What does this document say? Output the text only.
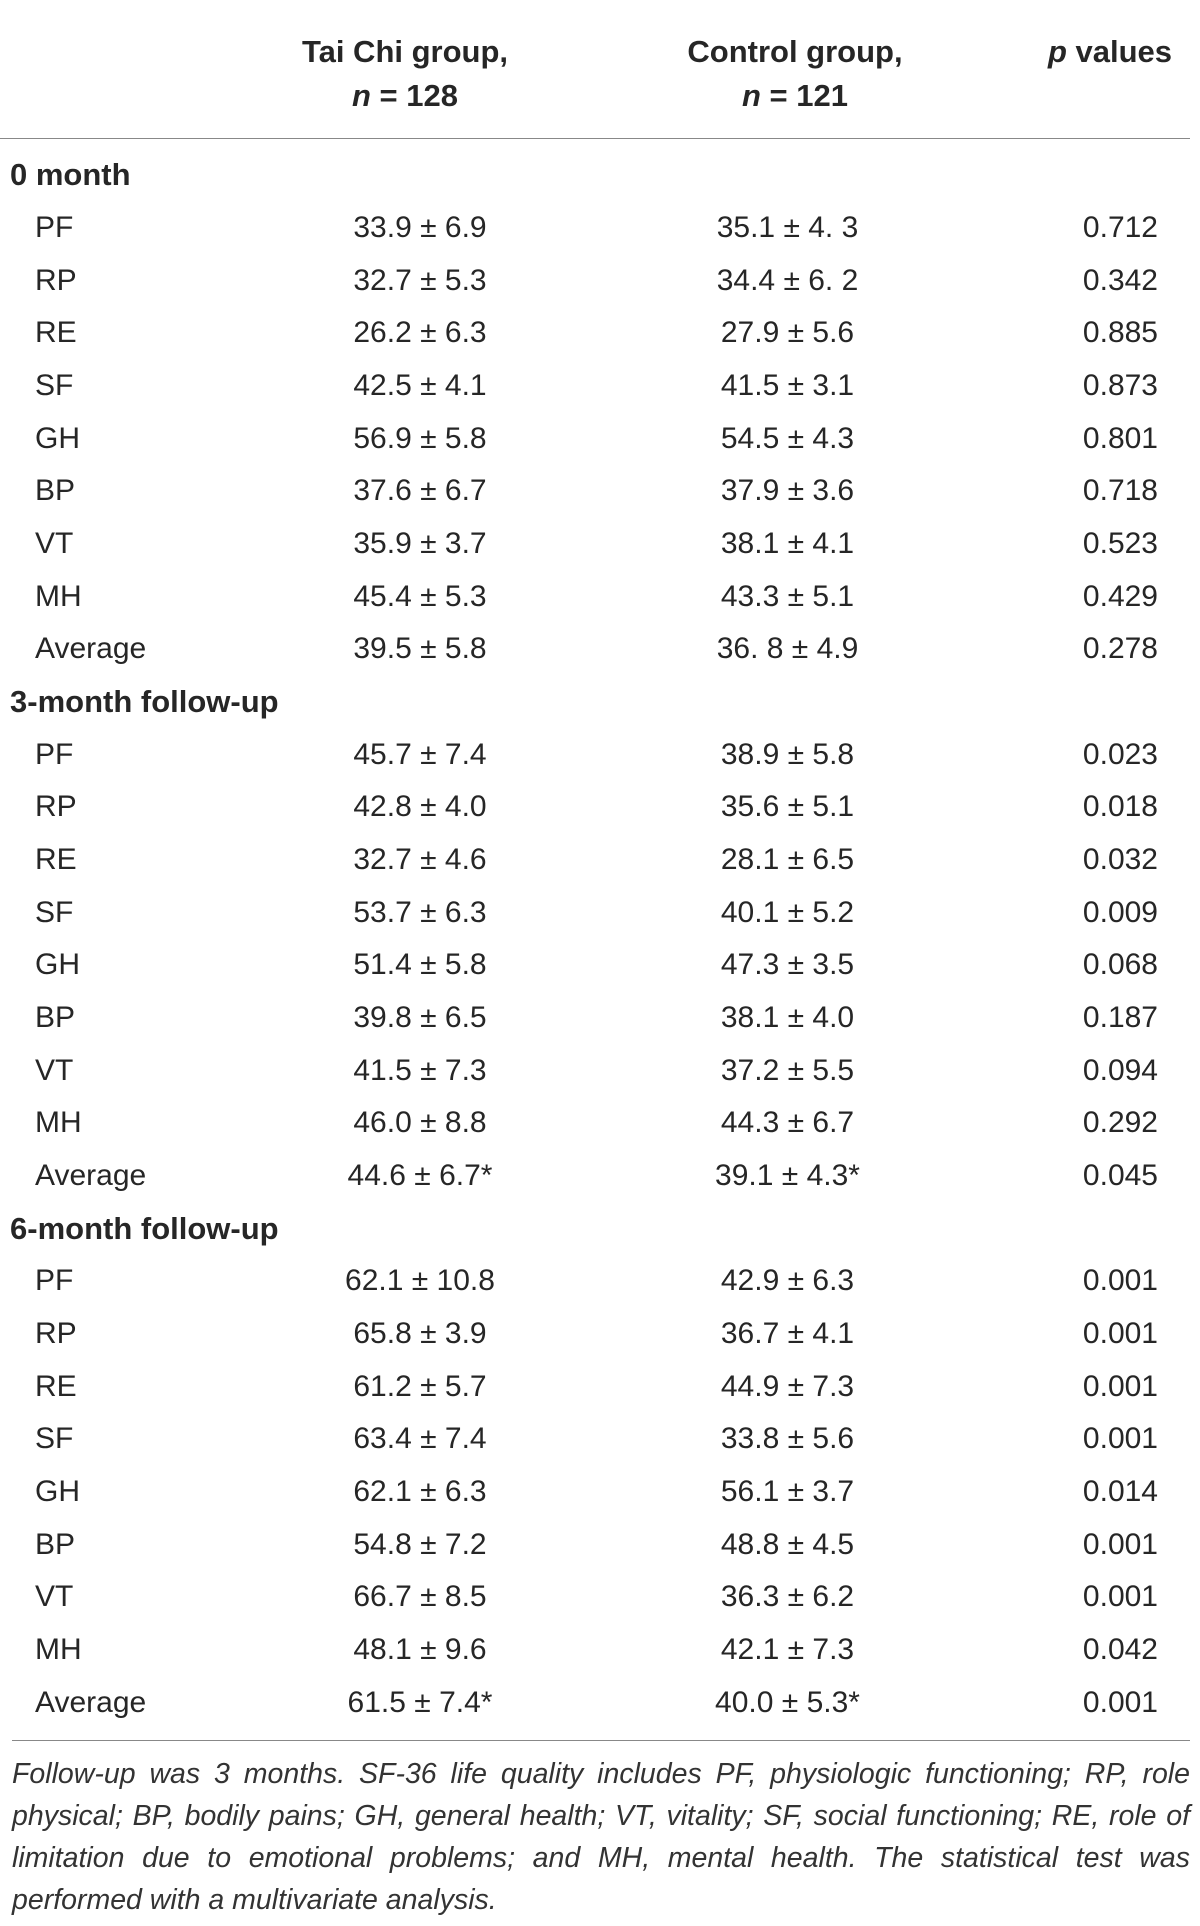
	Tai Chi group,	Control group,	p values
	n = 128	n = 121	
0 month			
PF	33.9 ± 6.9	35.1 ± 4. 3	0.712
RP	32.7 ± 5.3	34.4 ± 6. 2	0.342
RE	26.2 ± 6.3	27.9 ± 5.6	0.885
SF	42.5 ± 4.1	41.5 ± 3.1	0.873
GH	56.9 ± 5.8	54.5 ± 4.3	0.801
BP	37.6 ± 6.7	37.9 ± 3.6	0.718
VT	35.9 ± 3.7	38.1 ± 4.1	0.523
MH	45.4 ± 5.3	43.3 ± 5.1	0.429
Average	39.5 ± 5.8	36. 8 ± 4.9	0.278
3-month follow-up			
PF	45.7 ± 7.4	38.9 ± 5.8	0.023
RP	42.8 ± 4.0	35.6 ± 5.1	0.018
RE	32.7 ± 4.6	28.1 ± 6.5	0.032
SF	53.7 ± 6.3	40.1 ± 5.2	0.009
GH	51.4 ± 5.8	47.3 ± 3.5	0.068
BP	39.8 ± 6.5	38.1 ± 4.0	0.187
VT	41.5 ± 7.3	37.2 ± 5.5	0.094
MH	46.0 ± 8.8	44.3 ± 6.7	0.292
Average	44.6 ± 6.7*	39.1 ± 4.3*	0.045
6-month follow-up			
PF	62.1 ± 10.8	42.9 ± 6.3	0.001
RP	65.8 ± 3.9	36.7 ± 4.1	0.001
RE	61.2 ± 5.7	44.9 ± 7.3	0.001
SF	63.4 ± 7.4	33.8 ± 5.6	0.001
GH	62.1 ± 6.3	56.1 ± 3.7	0.014
BP	54.8 ± 7.2	48.8 ± 4.5	0.001
VT	66.7 ± 8.5	36.3 ± 6.2	0.001
MH	48.1 ± 9.6	42.1 ± 7.3	0.042
Average	61.5 ± 7.4*	40.0 ± 5.3*	0.001
Follow-up was 3 months. SF-36 life quality includes PF, physiologic functioning; RP, role physical; BP, bodily pains; GH, general health; VT, vitality; SF, social functioning; RE, role of limitation due to emotional problems; and MH, mental health. The statistical test was performed with a multivariate analysis.
